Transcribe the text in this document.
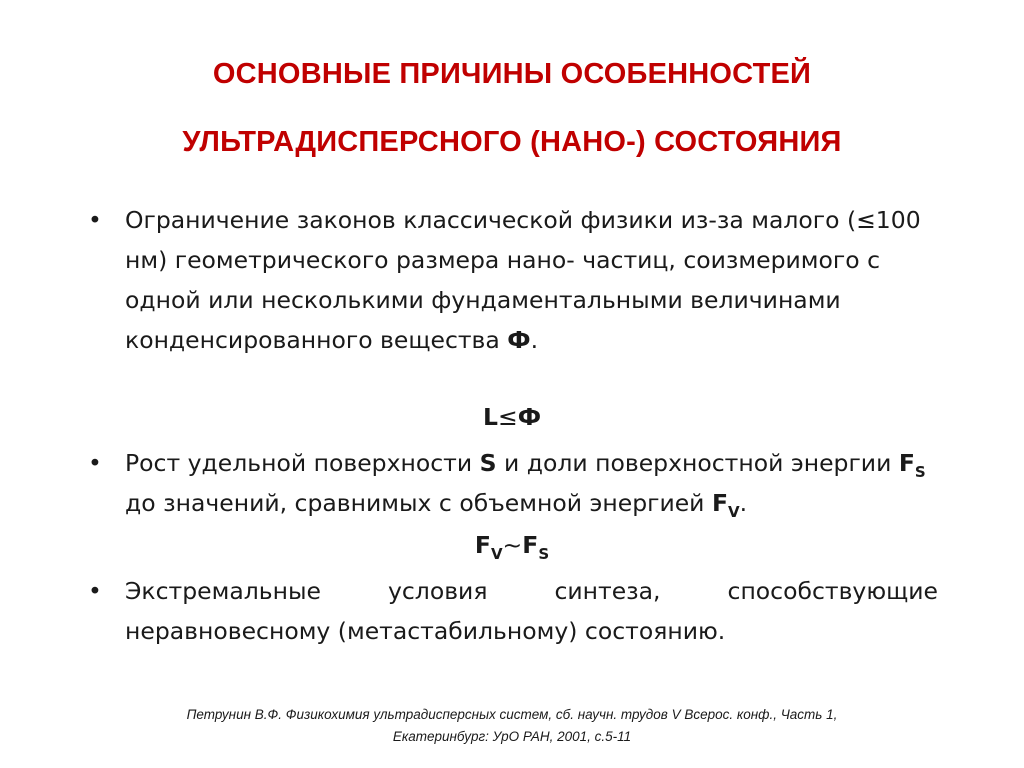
ОСНОВНЫЕ ПРИЧИНЫ ОСОБЕННОСТЕЙ
УЛЬТРАДИСПЕРСНОГО (НАНО-) СОСТОЯНИЯ
• Ограничение законов классической физики из-за малого (≤100 нм) геометрического размера нано- частиц, соизмеримого с одной или несколькими фундаментальными величинами конденсированного вещества Ф.
L≤Ф
• Рост удельной поверхности S и доли поверхностной энергии $F_S$ до значений, сравнимых с объемной энергией $F_V$.
$F_V\sim F_S$
• Экстремальные условия синтеза, способствующие неравновесному (метастабильному) состоянию.
Петрунин В.Ф. Физикохимия ультрадисперсных систем, сб. научн. трудов V Всерос. конф., Часть 1,
Екатеринбург: УрО РАН, 2001, с.5-11
